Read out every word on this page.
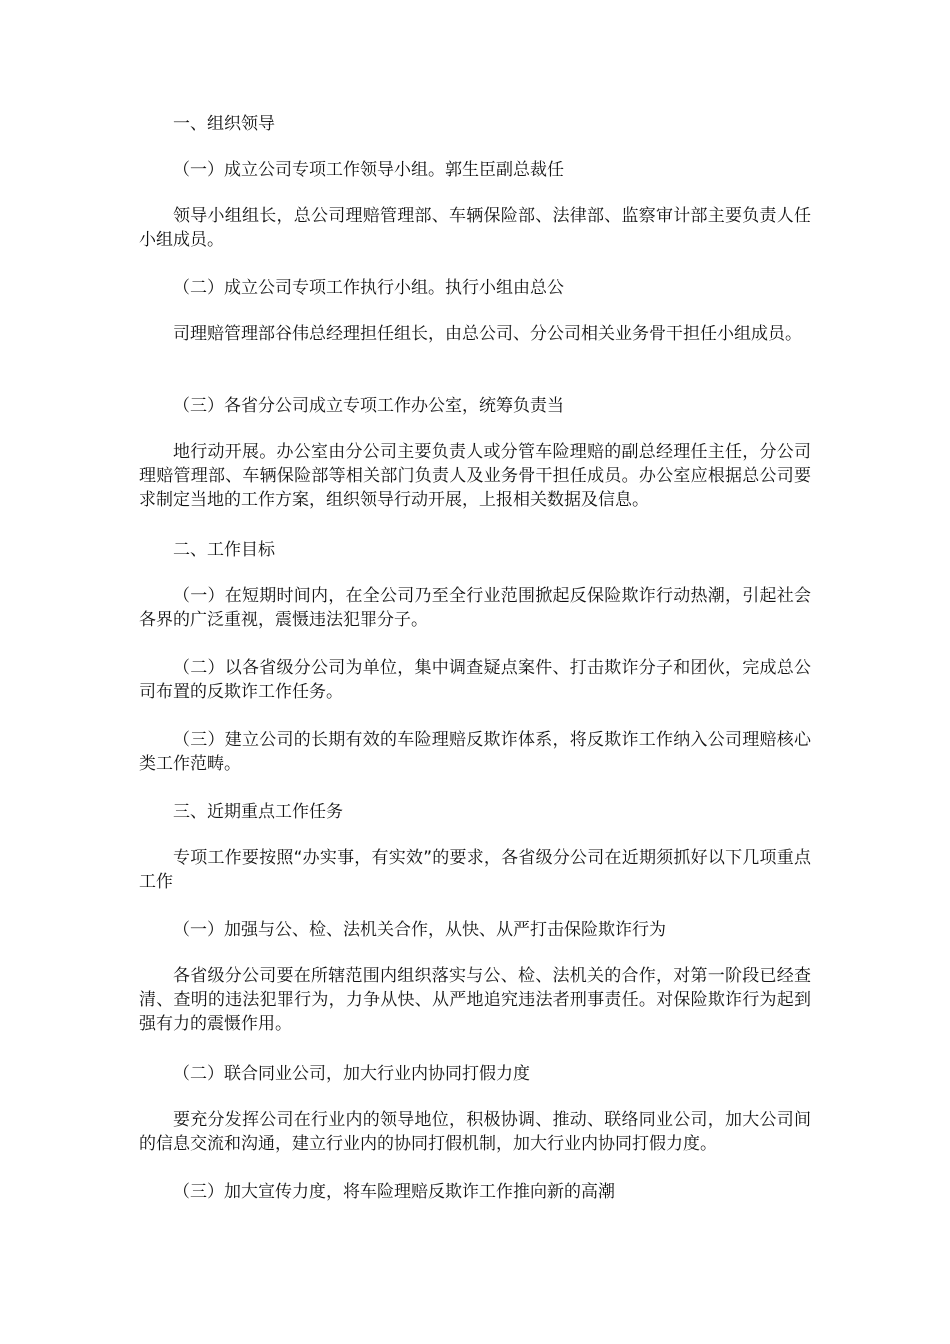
一、组织领导

（一）成立公司专项工作领导小组。郭生臣副总裁任

领导小组组长，总公司理赔管理部、车辆保险部、法律部、监察审计部主要负责人任小组成员。

（二）成立公司专项工作执行小组。执行小组由总公

司理赔管理部谷伟总经理担任组长，由总公司、分公司相关业务骨干担任小组成员。

（三）各省分公司成立专项工作办公室，统筹负责当

地行动开展。办公室由分公司主要负责人或分管车险理赔的副总经理任主任，分公司理赔管理部、车辆保险部等相关部门负责人及业务骨干担任成员。办公室应根据总公司要求制定当地的工作方案，组织领导行动开展，上报相关数据及信息。

二、工作目标

（一）在短期时间内，在全公司乃至全行业范围掀起反保险欺诈行动热潮，引起社会各界的广泛重视，震慑违法犯罪分子。

（二）以各省级分公司为单位，集中调查疑点案件、打击欺诈分子和团伙，完成总公司布置的反欺诈工作任务。

（三）建立公司的长期有效的车险理赔反欺诈体系，将反欺诈工作纳入公司理赔核心类工作范畴。

三、近期重点工作任务

专项工作要按照“办实事，有实效”的要求，各省级分公司在近期须抓好以下几项重点工作

（一）加强与公、检、法机关合作，从快、从严打击保险欺诈行为

各省级分公司要在所辖范围内组织落实与公、检、法机关的合作，对第一阶段已经查清、查明的违法犯罪行为，力争从快、从严地追究违法者刑事责任。对保险欺诈行为起到强有力的震慑作用。

（二）联合同业公司，加大行业内协同打假力度

要充分发挥公司在行业内的领导地位，积极协调、推动、联络同业公司，加大公司间的信息交流和沟通，建立行业内的协同打假机制，加大行业内协同打假力度。

（三）加大宣传力度，将车险理赔反欺诈工作推向新的高潮
